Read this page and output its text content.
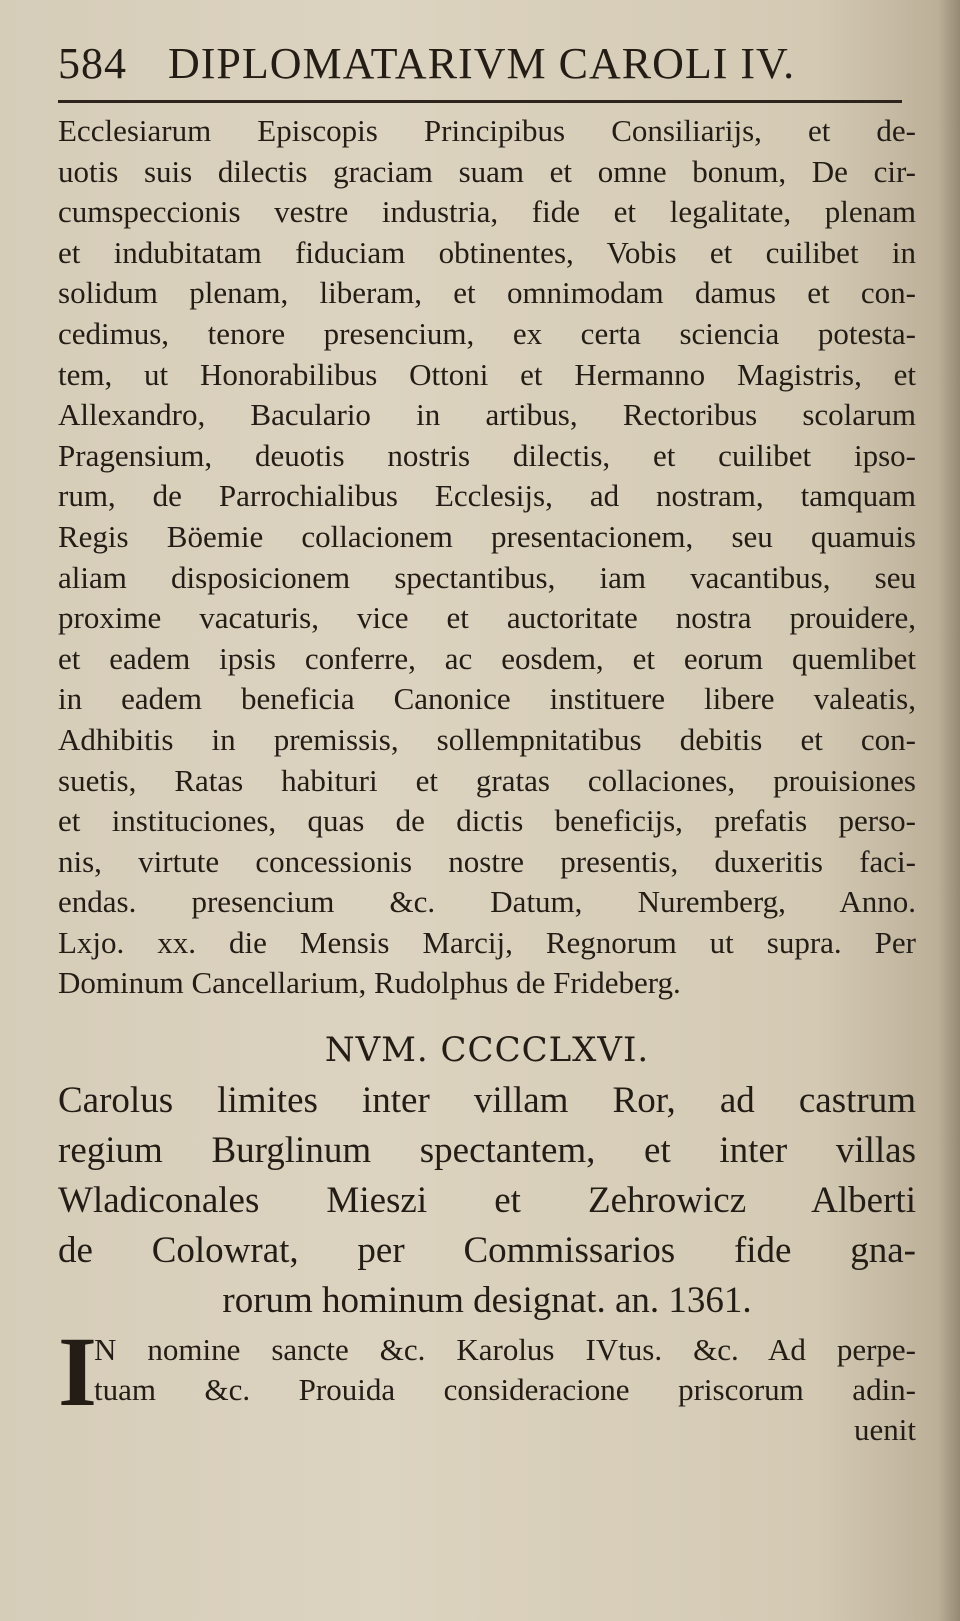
584 DIPLOMATARIVM CAROLI IV.
Ecclesiarum Episcopis Principibus Consiliarijs, et de-
uotis suis dilectis graciam suam et omne bonum, De cir-
cumspeccionis vestre industria, fide et legalitate, plenam
et indubitatam fiduciam obtinentes, Vobis et cuilibet in
solidum plenam, liberam, et omnimodam damus et con-
cedimus, tenore presencium, ex certa sciencia potesta-
tem, ut Honorabilibus Ottoni et Hermanno Magistris, et
Allexandro, Baculario in artibus, Rectoribus scolarum
Pragensium, deuotis nostris dilectis, et cuilibet ipso-
rum, de Parrochialibus Ecclesijs, ad nostram, tamquam
Regis Böemie collacionem presentacionem, seu quamuis
aliam disposicionem spectantibus, iam vacantibus, seu
proxime vacaturis, vice et auctoritate nostra prouidere,
et eadem ipsis conferre, ac eosdem, et eorum quemlibet
in eadem beneficia Canonice instituere libere valeatis,
Adhibitis in premissis, sollempnitatibus debitis et con-
suetis, Ratas habituri et gratas collaciones, prouisiones
et instituciones, quas de dictis beneficijs, prefatis perso-
nis, virtute concessionis nostre presentis, duxeritis faci-
endas. presencium &c. Datum, Nuremberg, Anno.
Lxjo. xx. die Mensis Marcij, Regnorum ut supra. Per
Dominum Cancellarium, Rudolphus de Frideberg.
NVM. CCCCLXVI.
Carolus limites inter villam Ror, ad castrum
regium Burglinum spectantem, et inter villas
Wladiconales Mieszi et Zehrowicz Alberti
de Colowrat, per Commissarios fide gna-
rorum hominum designat. an. 1361.
I
N nomine sancte &c. Karolus IVtus. &c. Ad perpe-
tuam &c. Prouida consideracione priscorum adin-
uenit
